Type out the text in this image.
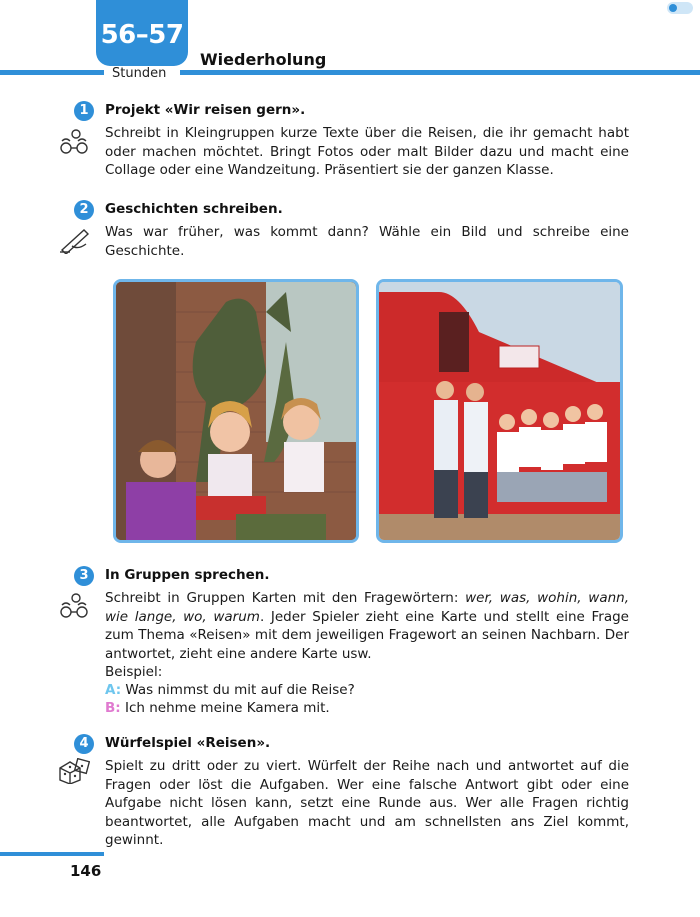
56–57
Stunden
Wiederholung
1	Projekt «Wir reisen gern».

Schreibt in Kleingruppen kurze Texte über die Reisen, die ihr gemacht habt oder machen möchtet. Bringt Fotos oder malt Bilder dazu und macht eine Collage oder eine Wandzeitung. Präsentiert sie der ganzen Klasse.

2	Geschichten schreiben.

Was war früher, was kommt dann? Wähle ein Bild und schreibe eine Geschichte.

3	In Gruppen sprechen.

Schreibt in Gruppen Karten mit den Fragewörtern: wer, was, wohin, wann, wie lange, wo, warum. Jeder Spieler zieht eine Karte und stellt eine Frage zum Thema «Reisen» mit dem jeweiligen Fragewort an seinen Nachbarn. Der antwortet, zieht eine andere Karte usw.

Beispiel:
A: Was nimmst du mit auf die Reise?
B: Ich nehme meine Kamera mit.
4	Würfelspiel «Reisen».

Spielt zu dritt oder zu viert. Würfelt der Reihe nach und antwortet auf die Fragen oder löst die Aufgaben. Wer eine falsche Antwort gibt oder eine Aufgabe nicht lösen kann, setzt eine Runde aus. Wer alle Fragen richtig beantwortet, alle Aufgaben macht und am schnellsten ans Ziel kommt, gewinnt.

146
